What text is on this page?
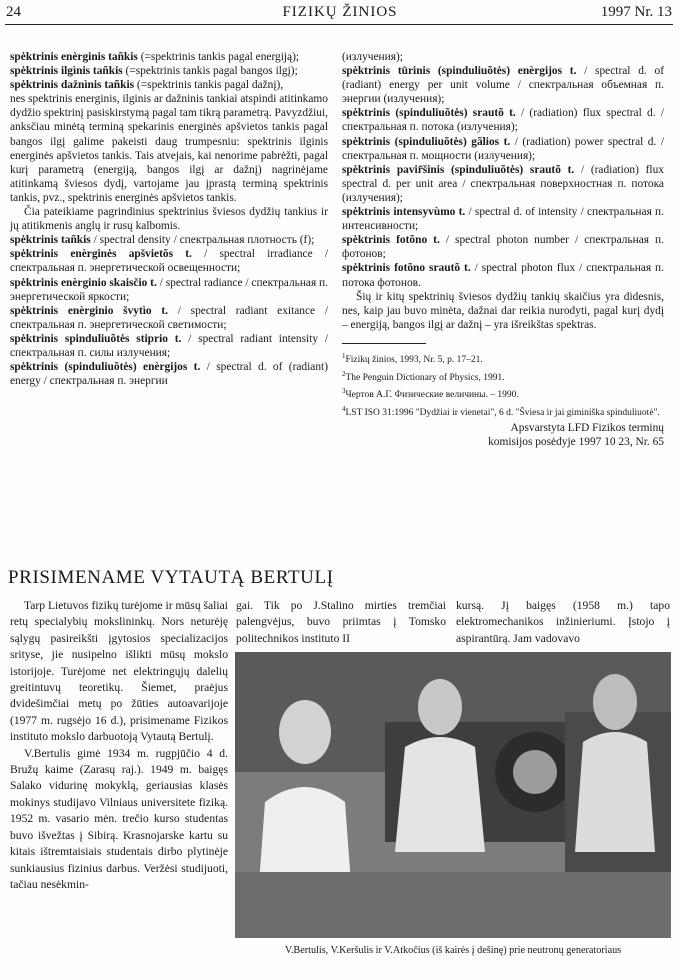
24	FIZIKŲ ŽINIOS	1997 Nr. 13

spėktrinis enèrginis tañkis (=spektrinis tankis pagal energiją);

spėktrinis ilgìnis tañkis (=spektrinis tankis pagal bangos ilgį);

spėktrinis dažnìnis tañkis (=spektrinis tankis pagal dažnį),

nes spektrinis energinis, ilginis ar dažninis tankiai atspindi atitinkamo dydžio spektrinį pasiskirstymą pagal tam tikrą parametrą. Pavyzdžiui, anksčiau minėtą terminą spekarinis energinės apšvietos tankis pagal bangos ilgį galime pakeisti daug trumpesniu: spektrinis ilginis energinės apšvietos tankis. Tais atvejais, kai nenorime pabrėžti, pagal kurį parametrą (energiją, bangos ilgį ar dažnį) nagrinėjame atitinkamą šviesos dydį, vartojame jau įprastą terminą spektrinis tankis, pvz., spektrinis energinės apšvietos tankis.

Čia pateikiame pagrindinius spektrinius šviesos dydžių tankius ir jų atitikmenis anglų ir rusų kalbomis.

spėktrinis tañkis / spectral density / спектральная плотность (f);

spėktrinis enèrginės apšvietõs t. / spectral irradiance / спектральная п. энергетической освещенности;

spėktrinis enèrginio skaisčio t. / spectral radiance / спектральная п. энергетической яркости;

spėktrinis enèrginio švytìo t. / spectral radiant exitance / спектральная п. энергетической светимости;

spėktrinis spinduliuõtės stiprio t. / spectral radiant intensity / спектральная п. силы излучения;

spėktrinis (spinduliuõtės) enèrgijos t. / spectral d. of (radiant) energy / спектральная п. энергии

(излучения);

spėktrinis tūrinis (spinduliuõtės) enèrgijos t. / spectral d. of (radiant) energy per unit volume / спектральная объемная п. энергии (излучения);

spėktrinis (spinduliuõtės) srautõ t. / (radiation) flux spectral d. / спектральная п. потока (излучения);

spėktrinis (spinduliuõtės) gãlios t. / (radiation) power spectral d. / спектральная п. мощности (излучения);

spėktrinis pavir̃šinis (spinduliuõtės) srautõ t. / (radiation) flux spectral d. per unit area / спектральная поверхностная п. потока (излучения);

spėktrinis intensyvùmo t. / spectral d. of intensity / спектральная п. интенсивности;

spėktrinis fotõno t. / spectral photon number / спектральная п. фотонов;

spėktrinis fotõno srautõ t. / spectral photon flux / спектральная п. потока фотонов.

Šių ir kitų spektrinių šviesos dydžių tankių skaičius yra didesnis, nes, kaip jau buvo minėta, dažnai dar reikia nurodyti, pagal kurį dydį – energiją, bangos ilgį ar dažnį – yra išreikštas spektras.

$^1$Fizikų žinios, 1993, Nr. 5, p. 17–21.

$^2$The Penguin Dictionary of Physics, 1991.

$^3$Чертов А.Г. Физические величины. – 1990.

$^4$LST ISO 31:1996 "Dydžiai ir vienetai", 6 d. "Šviesa ir jai giminiška spinduliuotė".

Apsvarstyta LFD Fizikos terminų
komisijos posėdyje 1997 10 23, Nr. 65

PRISIMENAME VYTAUTĄ BERTULĮ

Tarp Lietuvos fizikų turėjome ir mūsų šaliai retų specialybių mokslininkų. Nors neturėję sąlygų pasireikšti įgytosios specializacijos srityse, jie nusipelno išlikti mūsų mokslo istorijoje. Turėjome net elektringųjų dalelių greitintuvų teoretikų. Šiemet, praėjus dvidešimčiai metų po žūties autoavarijoje (1977 m. rugsėjo 16 d.), prisimename Fizikos instituto mokslo darbuotoją Vytautą Bertulį.

V.Bertulis gimė 1934 m. rugpjūčio 4 d. Bružų kaime (Zarasų raj.). 1949 m. baigęs Salako vidurinę mokyklą, geriausias klasės mokinys studijavo Vilniaus universitete fiziką. 1952 m. vasario mėn. trečio kurso studentas buvo išvežtas į Sibirą. Krasnojarske kartu su kitais ištremtaisiais studentais dirbo plytinėje sunkiausius fizinius darbus. Veržėsi studijuoti, tačiau nesėkmin-

gai. Tik po J.Stalino mirties tremčiai palengvėjus, buvo priimtas į Tomsko politechnikos instituto II

kursą. Jį baigęs (1958 m.) tapo elektromechanikos inžinieriumi. Įstojo į aspirantūrą. Jam vadovavo

V.Bertulis, V.Keršulis ir V.Atkočius (iš kairės į dešinę) prie neutronų generatoriaus
